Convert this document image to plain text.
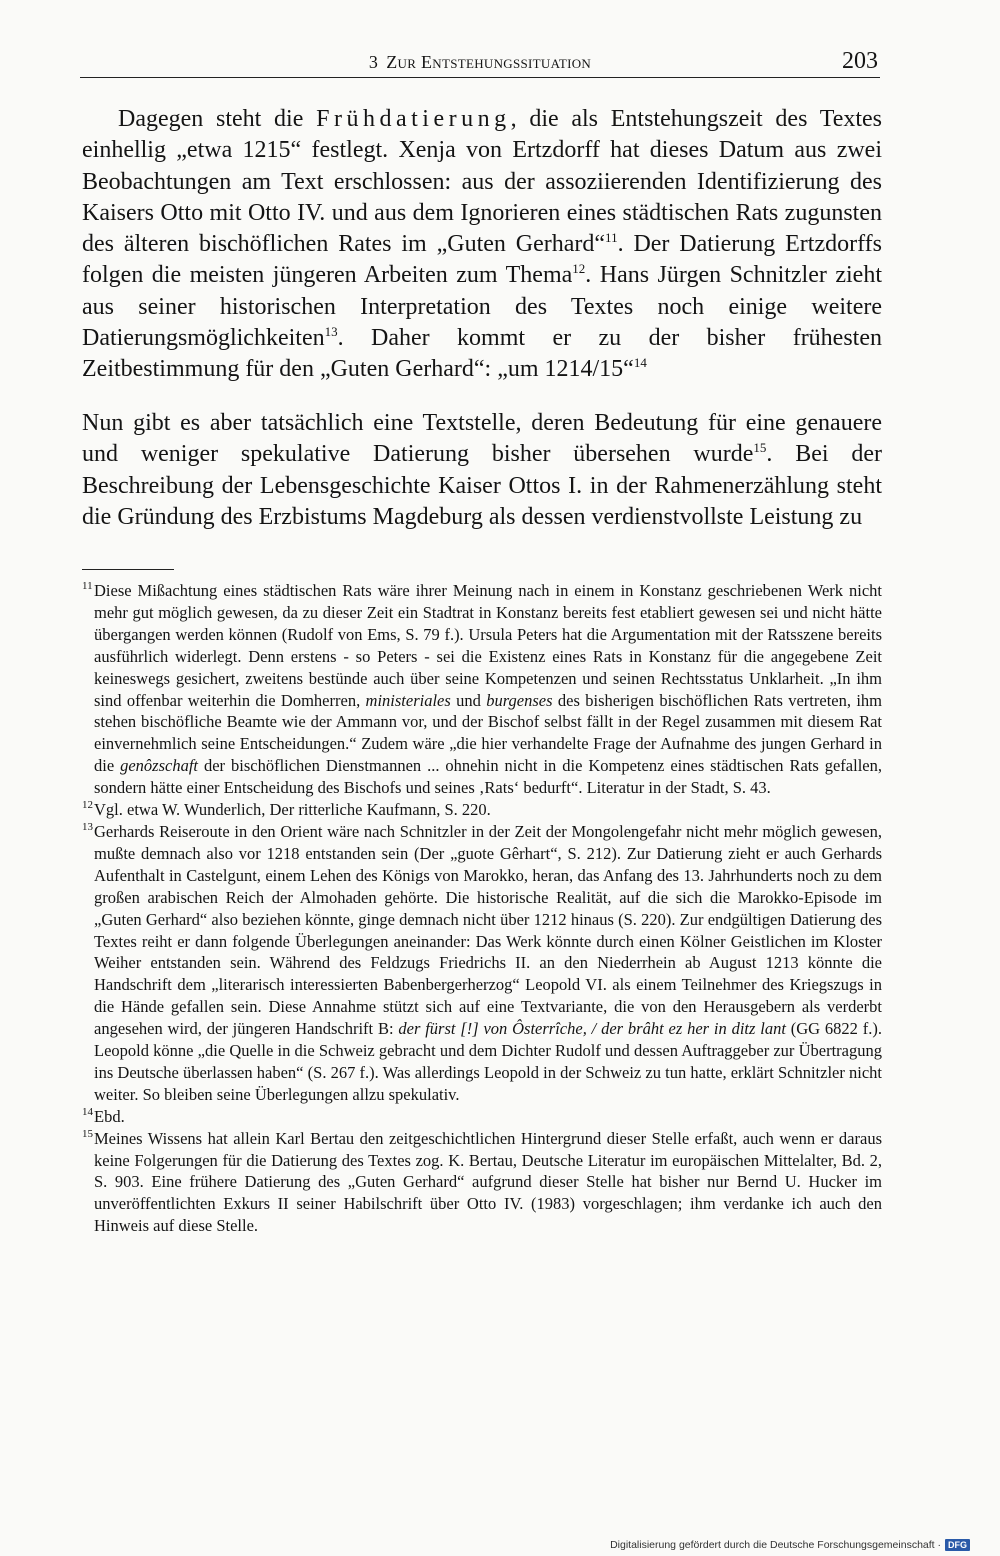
3 Zur Entstehungssituation	203
Dagegen steht die Frühdatierung, die als Entstehungszeit des Textes einhellig „etwa 1215“ festlegt. Xenja von Ertzdorff hat dieses Datum aus zwei Beobachtungen am Text erschlossen: aus der assoziierenden Identifizierung des Kaisers Otto mit Otto IV. und aus dem Ignorieren eines städtischen Rats zugunsten des älteren bischöflichen Rates im „Guten Gerhard“$^{11}$. Der Datierung Ertzdorffs folgen die meisten jüngeren Arbeiten zum Thema$^{12}$. Hans Jürgen Schnitzler zieht aus seiner historischen Interpretation des Textes noch einige weitere Datierungsmöglichkeiten$^{13}$. Daher kommt er zu der bisher frühesten Zeitbestimmung für den „Guten Gerhard“: „um 1214/15“$^{14}$
Nun gibt es aber tatsächlich eine Textstelle, deren Bedeutung für eine genauere und weniger spekulative Datierung bisher übersehen wurde$^{15}$. Bei der Beschreibung der Lebensgeschichte Kaiser Ottos I. in der Rahmenerzählung steht die Gründung des Erzbistums Magdeburg als dessen verdienstvollste Leistung zu
11 Diese Mißachtung eines städtischen Rats wäre ihrer Meinung nach in einem in Konstanz geschriebenen Werk nicht mehr gut möglich gewesen, da zu dieser Zeit ein Stadtrat in Konstanz bereits fest etabliert gewesen sei und nicht hätte übergangen werden können (Rudolf von Ems, S. 79 f.). Ursula Peters hat die Argumentation mit der Ratsszene bereits ausführlich widerlegt. Denn erstens - so Peters - sei die Existenz eines Rats in Konstanz für die angegebene Zeit keineswegs gesichert, zweitens bestünde auch über seine Kompetenzen und seinen Rechtsstatus Unklarheit. „In ihm sind offenbar weiterhin die Domherren, ministeriales und burgenses des bisherigen bischöflichen Rats vertreten, ihm stehen bischöfliche Beamte wie der Ammann vor, und der Bischof selbst fällt in der Regel zusammen mit diesem Rat einvernehmlich seine Entscheidungen.“ Zudem wäre „die hier verhandelte Frage der Aufnahme des jungen Gerhard in die genôzschaft der bischöflichen Dienstmannen ... ohnehin nicht in die Kompetenz eines städtischen Rats gefallen, sondern hätte einer Entscheidung des Bischofs und seines ‚Rats‘ bedurft“. Literatur in der Stadt, S. 43.
12 Vgl. etwa W. Wunderlich, Der ritterliche Kaufmann, S. 220.
13 Gerhards Reiseroute in den Orient wäre nach Schnitzler in der Zeit der Mongolengefahr nicht mehr möglich gewesen, mußte demnach also vor 1218 entstanden sein (Der „guote Gêrhart“, S. 212). Zur Datierung zieht er auch Gerhards Aufenthalt in Castelgunt, einem Lehen des Königs von Marokko, heran, das Anfang des 13. Jahrhunderts noch zu dem großen arabischen Reich der Almohaden gehörte. Die historische Realität, auf die sich die Marokko-Episode im „Guten Gerhard“ also beziehen könnte, ginge demnach nicht über 1212 hinaus (S. 220). Zur endgültigen Datierung des Textes reiht er dann folgende Überlegungen aneinander: Das Werk könnte durch einen Kölner Geistlichen im Kloster Weiher entstanden sein. Während des Feldzugs Friedrichs II. an den Niederrhein ab August 1213 könnte die Handschrift dem „literarisch interessierten Babenbergerherzog“ Leopold VI. als einem Teilnehmer des Kriegszugs in die Hände gefallen sein. Diese Annahme stützt sich auf eine Textvariante, die von den Herausgebern als verderbt angesehen wird, der jüngeren Handschrift B: der fürst [!] von Ôsterrîche, / der brâht ez her in ditz lant (GG 6822 f.). Leopold könne „die Quelle in die Schweiz gebracht und dem Dichter Rudolf und dessen Auftraggeber zur Übertragung ins Deutsche überlassen haben“ (S. 267 f.). Was allerdings Leopold in der Schweiz zu tun hatte, erklärt Schnitzler nicht weiter. So bleiben seine Überlegungen allzu spekulativ.
14 Ebd.
15 Meines Wissens hat allein Karl Bertau den zeitgeschichtlichen Hintergrund dieser Stelle erfaßt, auch wenn er daraus keine Folgerungen für die Datierung des Textes zog. K. Bertau, Deutsche Literatur im europäischen Mittelalter, Bd. 2, S. 903. Eine frühere Datierung des „Guten Gerhard“ aufgrund dieser Stelle hat bisher nur Bernd U. Hucker im unveröffentlichten Exkurs II seiner Habilschrift über Otto IV. (1983) vorgeschlagen; ihm verdanke ich auch den Hinweis auf diese Stelle.
Digitalisierung gefördert durch die Deutsche Forschungsgemeinschaft · DFG
